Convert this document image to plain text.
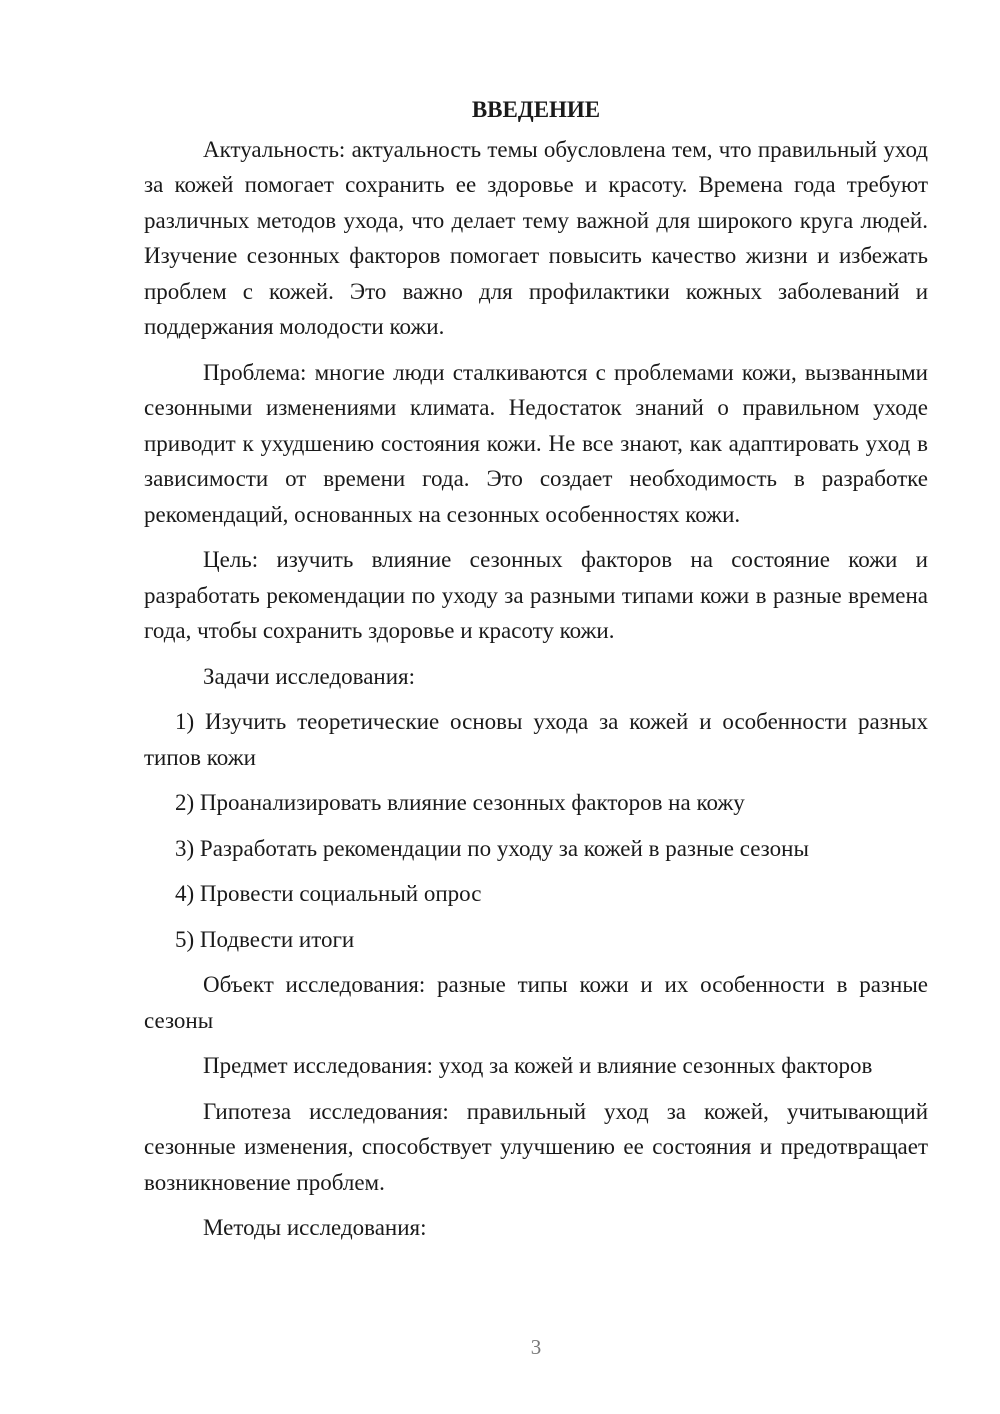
ВВЕДЕНИЕ

Актуальность: актуальность темы обусловлена тем, что правильный уход за кожей помогает сохранить ее здоровье и красоту. Времена года требуют различных методов ухода, что делает тему важной для широкого круга людей. Изучение сезонных факторов помогает повысить качество жизни и избежать проблем с кожей. Это важно для профилактики кожных заболеваний и поддержания молодости кожи.

Проблема: многие люди сталкиваются с проблемами кожи, вызванными сезонными изменениями климата. Недостаток знаний о правильном уходе приводит к ухудшению состояния кожи. Не все знают, как адаптировать уход в зависимости от времени года. Это создает необходимость в разработке рекомендаций, основанных на сезонных особенностях кожи.

Цель: изучить влияние сезонных факторов на состояние кожи и разработать рекомендации по уходу за разными типами кожи в разные времена года, чтобы сохранить здоровье и красоту кожи.

Задачи исследования:

1) Изучить теоретические основы ухода за кожей и особенности разных типов кожи

2) Проанализировать влияние сезонных факторов на кожу

3) Разработать рекомендации по уходу за кожей в разные сезоны

4) Провести социальный опрос

5) Подвести итоги

Объект исследования: разные типы кожи и их особенности в разные сезоны

Предмет исследования: уход за кожей и влияние сезонных факторов

Гипотеза исследования: правильный уход за кожей, учитывающий сезонные изменения, способствует улучшению ее состояния и предотвращает возникновение проблем.

Методы исследования:

3
